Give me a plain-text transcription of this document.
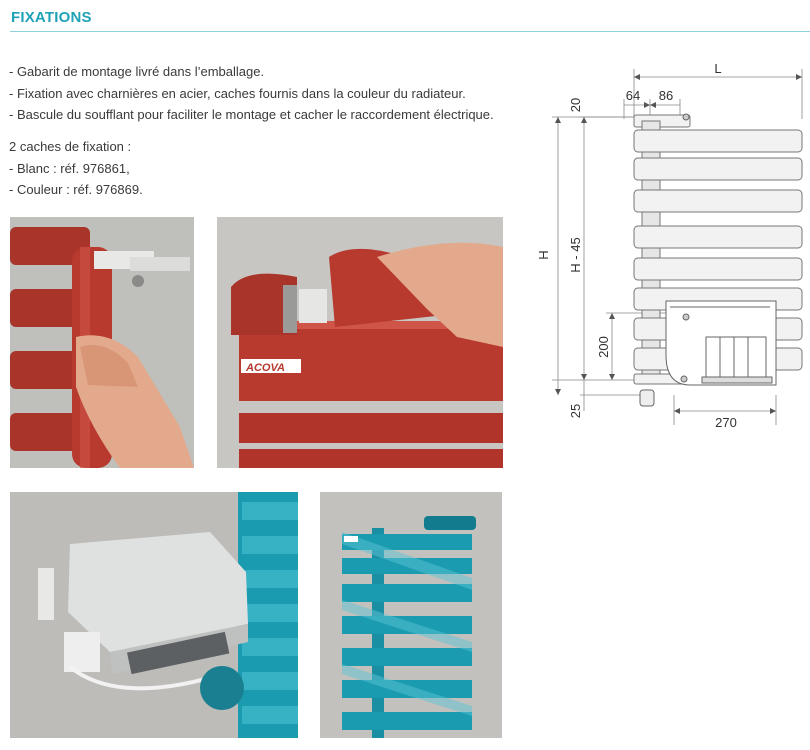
FIXATIONS
- Gabarit de montage livré dans l’emballage.
- Fixation avec charnières en acier, caches fournis dans la couleur du radiateur.
- Bascule du soufflant pour faciliter le montage et cacher le raccordement électrique.
2 caches de fixation :
- Blanc : réf. 976861,
- Couleur : réf. 976869.
ACOVA
L
64 86
20
H H - 45
200
25
270
